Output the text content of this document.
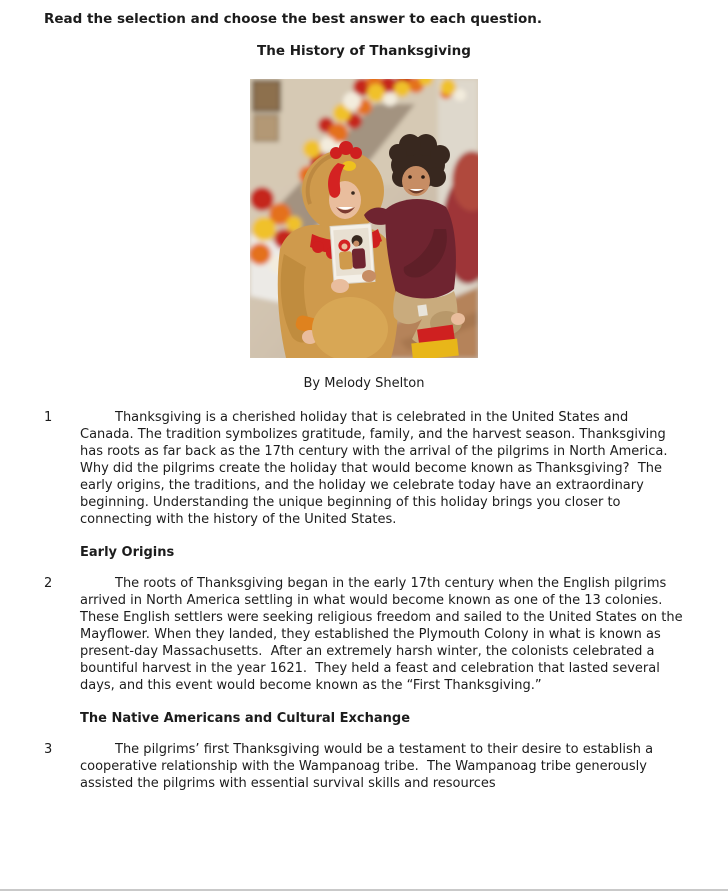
Read the selection and choose the best answer to each question.
The History of Thanksgiving
By Melody Shelton
1	Thanksgiving is a cherished holiday that is celebrated in the United States and Canada. The tradition symbolizes gratitude, family, and the harvest season. Thanksgiving has roots as far back as the 17th century with the arrival of the pilgrims in North America.  Why did the pilgrims create the holiday that would become known as Thanksgiving?  The early origins, the traditions, and the holiday we celebrate today have an extraordinary beginning. Understanding the unique beginning of this holiday brings you closer to connecting with the history of the United States.
Early Origins
2	The roots of Thanksgiving began in the early 17th century when the English pilgrims arrived in North America settling in what would become known as one of the 13 colonies.  These English settlers were seeking religious freedom and sailed to the United States on the Mayflower. When they landed, they established the Plymouth Colony in what is known as present-day Massachusetts.  After an extremely harsh winter, the colonists celebrated a bountiful harvest in the year 1621.  They held a feast and celebration that lasted several days, and this event would become known as the “First Thanksgiving.”
The Native Americans and Cultural Exchange
3	The pilgrims’ first Thanksgiving would be a testament to their desire to establish a cooperative relationship with the Wampanoag tribe.  The Wampanoag tribe generously assisted the pilgrims with essential survival skills and resources
